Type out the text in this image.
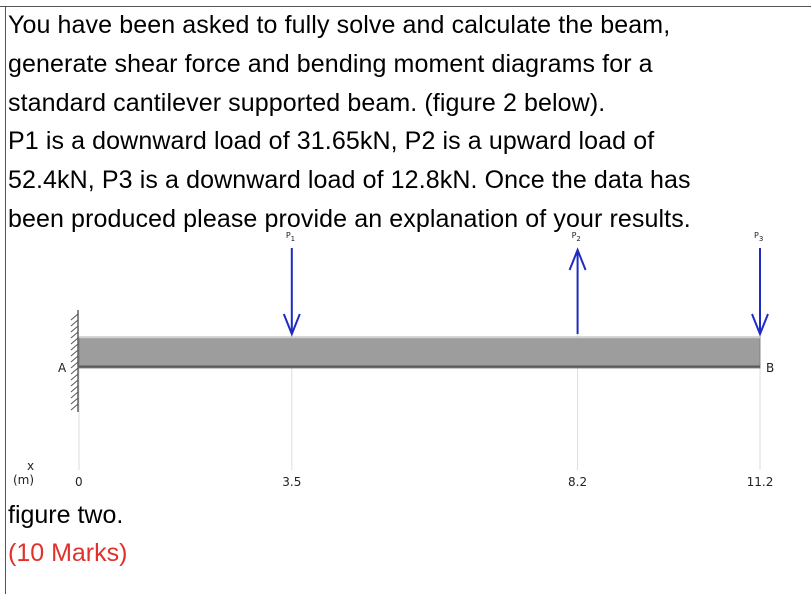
You have been asked to fully solve and calculate the beam,
generate shear force and bending moment diagrams for a
standard cantilever supported beam. (figure 2 below).
P1 is a downward load of 31.65kN, P2 is a upward load of
52.4kN, P3 is a downward load of 12.8kN. Once the data has
been produced please provide an explanation of your results.
A	B
x
(m)	0
P1
3.5
P2
8.2
P3
11.2
figure two.
(10 Marks)
